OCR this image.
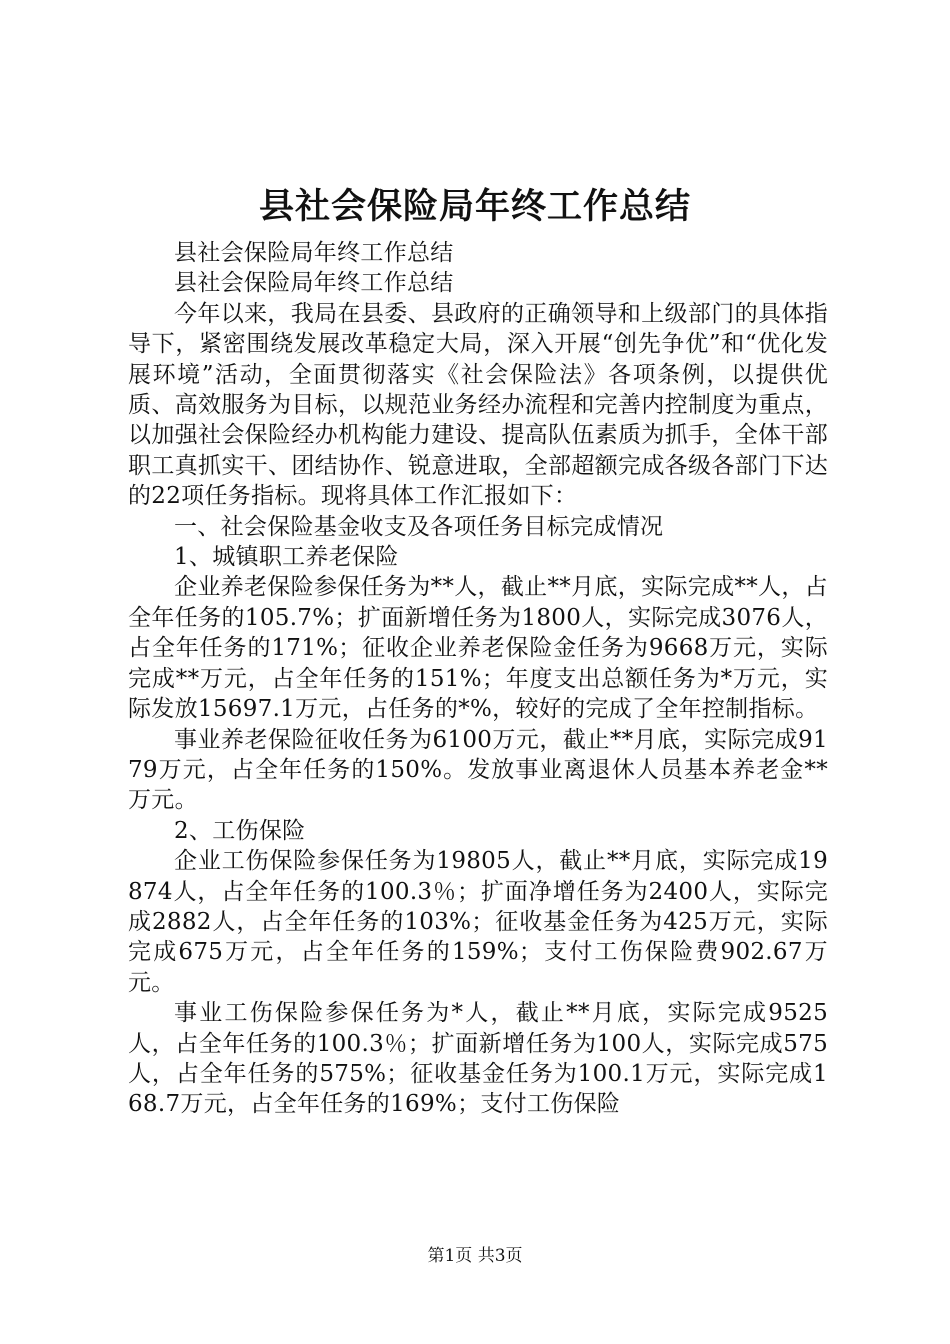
县社会保险局年终工作总结

县社会保险局年终工作总结

县社会保险局年终工作总结

今年以来，我局在县委、县政府的正确领导和上级部门的具体指导下，紧密围绕发展改革稳定大局，深入开展“创先争优”和“优化发展环境”活动，全面贯彻落实《社会保险法》各项条例，以提供优质、高效服务为目标，以规范业务经办流程和完善内控制度为重点，以加强社会保险经办机构能力建设、提高队伍素质为抓手，全体干部职工真抓实干、团结协作、锐意进取，全部超额完成各级各部门下达的22项任务指标。现将具体工作汇报如下：

一、社会保险基金收支及各项任务目标完成情况

1、城镇职工养老保险

企业养老保险参保任务为**人，截止**月底，实际完成**人，占全年任务的105.7%；扩面新增任务为1800人，实际完成3076人，占全年任务的171%；征收企业养老保险金任务为9668万元，实际完成**万元，占全年任务的151%；年度支出总额任务为*万元，实际发放15697.1万元，占任务的*%，较好的完成了全年控制指标。

事业养老保险征收任务为6100万元，截止**月底，实际完成9179万元，占全年任务的150%。发放事业离退休人员基本养老金**万元。

2、工伤保险

企业工伤保险参保任务为19805人，截止**月底，实际完成19874人，占全年任务的100.3％；扩面净增任务为2400人，实际完成2882人，占全年任务的103%；征收基金任务为425万元，实际完成675万元，占全年任务的159%；支付工伤保险费902.67万元。

事业工伤保险参保任务为*人，截止**月底，实际完成9525人，占全年任务的100.3％；扩面新增任务为100人，实际完成575人，占全年任务的575%；征收基金任务为100.1万元，实际完成168.7万元，占全年任务的169%；支付工伤保险

第1页 共3页
